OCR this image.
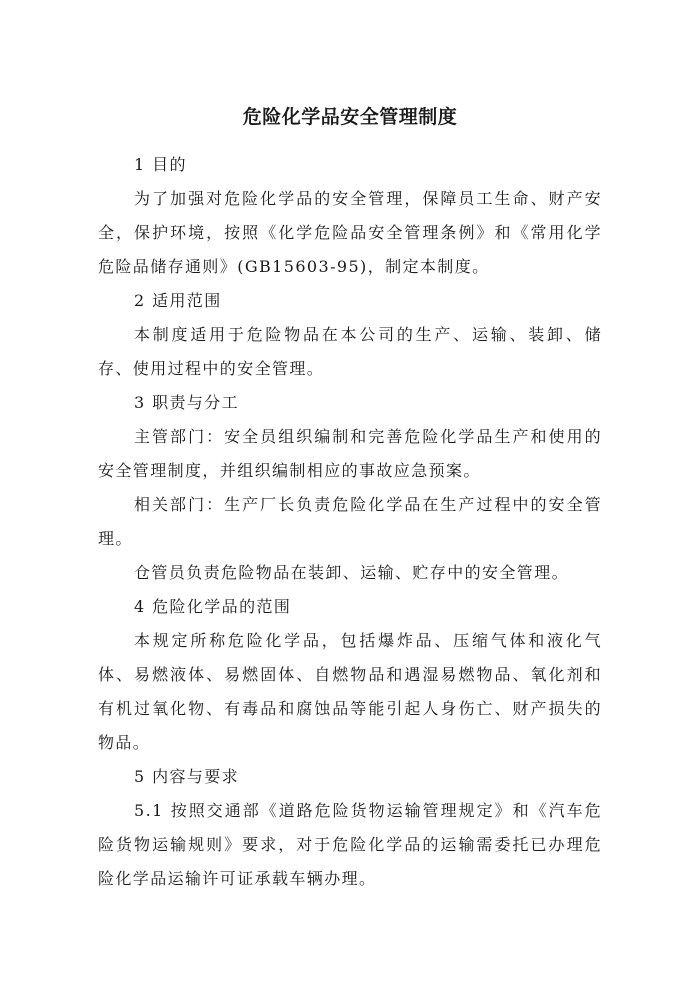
危险化学品安全管理制度

1 目的

为了加强对危险化学品的安全管理，保障员工生命、财产安全，保护环境，按照《化学危险品安全管理条例》和《常用化学危险品储存通则》(GB15603-95)，制定本制度。

2 适用范围

本制度适用于危险物品在本公司的生产、运输、装卸、储存、使用过程中的安全管理。

3 职责与分工

主管部门：安全员组织编制和完善危险化学品生产和使用的安全管理制度，并组织编制相应的事故应急预案。

相关部门：生产厂长负责危险化学品在生产过程中的安全管理。

仓管员负责危险物品在装卸、运输、贮存中的安全管理。

4 危险化学品的范围

本规定所称危险化学品，包括爆炸品、压缩气体和液化气体、易燃液体、易燃固体、自燃物品和遇湿易燃物品、氧化剂和有机过氧化物、有毒品和腐蚀品等能引起人身伤亡、财产损失的物品。

5 内容与要求

5.1 按照交通部《道路危险货物运输管理规定》和《汽车危险货物运输规则》要求，对于危险化学品的运输需委托已办理危险化学品运输许可证承载车辆办理。
